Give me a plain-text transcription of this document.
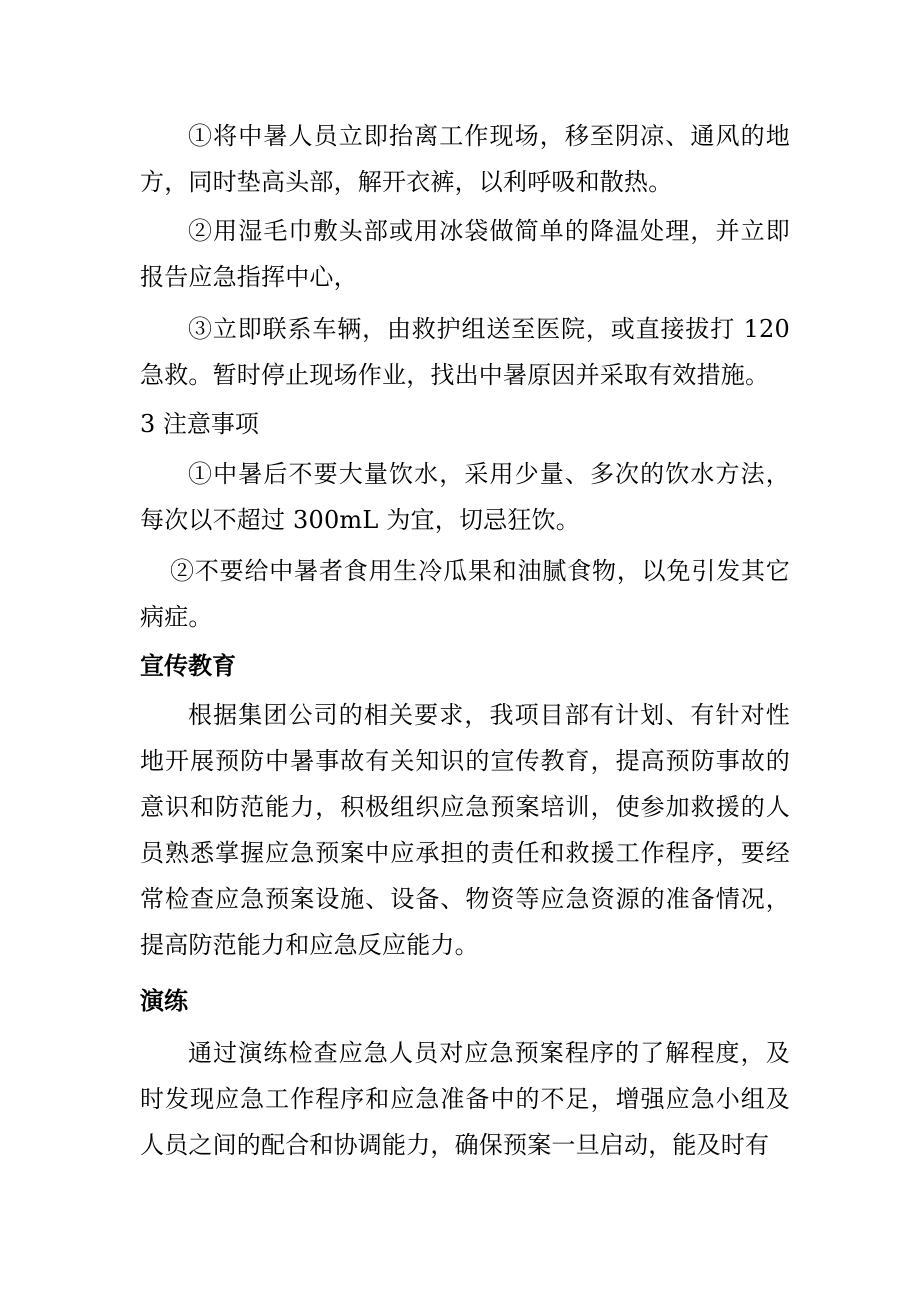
①将中暑人员立即抬离工作现场，移至阴凉、通风的地方，同时垫高头部，解开衣裤，以利呼吸和散热。

②用湿毛巾敷头部或用冰袋做简单的降温处理，并立即报告应急指挥中心，

③立即联系车辆，由救护组送至医院，或直接拔打 120 急救。暂时停止现场作业，找出中暑原因并采取有效措施。

3 注意事项

①中暑后不要大量饮水，采用少量、多次的饮水方法，每次以不超过 300mL 为宜，切忌狂饮。

②不要给中暑者食用生冷瓜果和油腻食物，以免引发其它病症。

宣传教育

根据集团公司的相关要求，我项目部有计划、有针对性地开展预防中暑事故有关知识的宣传教育，提高预防事故的意识和防范能力，积极组织应急预案培训，使参加救援的人员熟悉掌握应急预案中应承担的责任和救援工作程序，要经常检查应急预案设施、设备、物资等应急资源的准备情况，提高防范能力和应急反应能力。

演练

通过演练检查应急人员对应急预案程序的了解程度，及时发现应急工作程序和应急准备中的不足，增强应急小组及人员之间的配合和协调能力，确保预案一旦启动，能及时有
